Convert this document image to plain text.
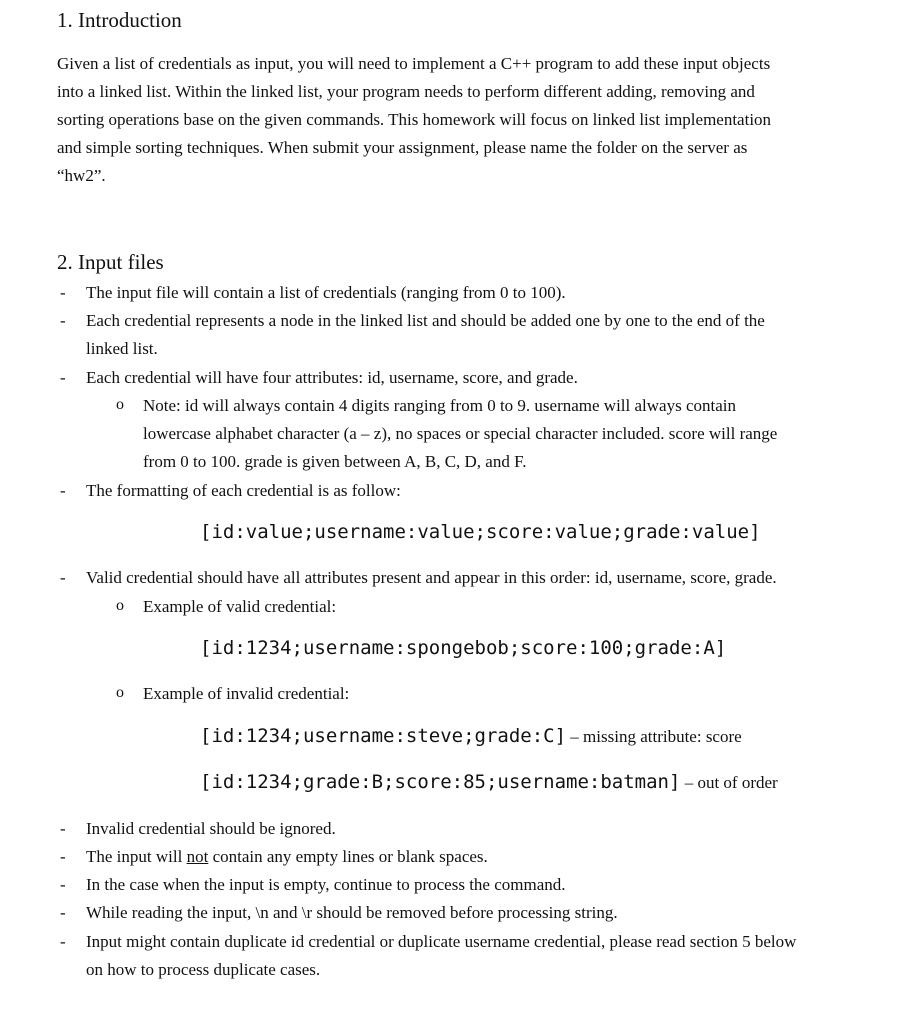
1. Introduction
Given a list of credentials as input, you will need to implement a C++ program to add these input objects
into a linked list. Within the linked list, your program needs to perform different adding, removing and
sorting operations base on the given commands. This homework will focus on linked list implementation
and simple sorting techniques. When submit your assignment, please name the folder on the server as
“hw2”.
2. Input files
- The input file will contain a list of credentials (ranging from 0 to 100).
- Each credential represents a node in the linked list and should be added one by one to the end of the
linked list.
- Each credential will have four attributes: id, username, score, and grade.
o Note: id will always contain 4 digits ranging from 0 to 9. username will always contain
lowercase alphabet character (a – z), no spaces or special character included. score will range
from 0 to 100. grade is given between A, B, C, D, and F.
- The formatting of each credential is as follow:
[id:value;username:value;score:value;grade:value]
- Valid credential should have all attributes present and appear in this order: id, username, score, grade.
o Example of valid credential:
[id:1234;username:spongebob;score:100;grade:A]
o Example of invalid credential:
[id:1234;username:steve;grade:C] – missing attribute: score
[id:1234;grade:B;score:85;username:batman] – out of order
- Invalid credential should be ignored.
- The input will not contain any empty lines or blank spaces.
- In the case when the input is empty, continue to process the command.
- While reading the input, \n and \r should be removed before processing string.
- Input might contain duplicate id credential or duplicate username credential, please read section 5 below
on how to process duplicate cases.
